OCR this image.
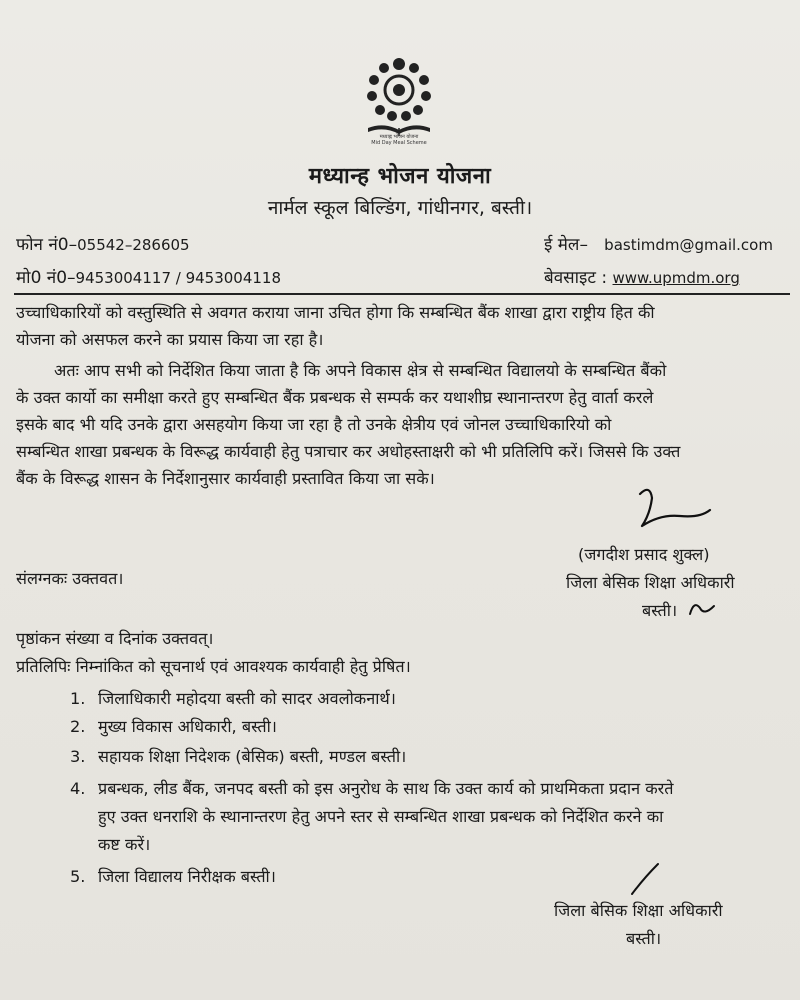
मध्याह्न भोजन योजना
Mid Day Meal Scheme
मध्यान्ह भोजन योजना
नार्मल स्कूल बिल्डिंग, गांधीनगर, बस्ती।
फोन नं0–05542–286605
मो0 नं0–9453004117 / 9453004118
ई मेल– bastimdm@gmail.com
बेवसाइट : www.upmdm.org
उच्चाधिकारियों को वस्तुस्थिति से अवगत कराया जाना उचित होगा कि सम्बन्धित बैंक शाखा द्वारा राष्ट्रीय हित की
योजना को असफल करने का प्रयास किया जा रहा है।
अतः आप सभी को निर्देशित किया जाता है कि अपने विकास क्षेत्र से सम्बन्धित विद्यालयो के सम्बन्धित बैंको
के उक्त कार्यो का समीक्षा करते हुए सम्बन्धित बैंक प्रबन्धक से सम्पर्क कर यथाशीघ्र स्थानान्तरण हेतु वार्ता करले
इसके बाद भी यदि उनके द्वारा असहयोग किया जा रहा है तो उनके क्षेत्रीय एवं जोनल उच्चाधिकारियो को
सम्बन्धित शाखा प्रबन्धक के विरूद्ध कार्यवाही हेतु पत्राचार कर अधोहस्ताक्षरी को भी प्रतिलिपि करें। जिससे कि उक्त
बैंक के विरूद्ध शासन के निर्देशानुसार कार्यवाही प्रस्तावित किया जा सके।
(जगदीश प्रसाद शुक्ल)
संलग्नकः उक्तवत।	जिला बेसिक शिक्षा अधिकारी
बस्ती।
पृष्ठांकन संख्या व दिनांक उक्तवत्।
प्रतिलिपिः निम्नांकित को सूचनार्थ एवं आवश्यक कार्यवाही हेतु प्रेषित।
1. जिलाधिकारी महोदया बस्ती को सादर अवलोकनार्थ।
2. मुख्य विकास अधिकारी, बस्ती।
3. सहायक शिक्षा निदेशक (बेसिक) बस्ती, मण्डल बस्ती।
4. प्रबन्धक, लीड बैंक, जनपद बस्ती को इस अनुरोध के साथ कि उक्त कार्य को प्राथमिकता प्रदान करते
हुए उक्त धनराशि के स्थानान्तरण हेतु अपने स्तर से सम्बन्धित शाखा प्रबन्धक को निर्देशित करने का
कष्ट करें।
5. जिला विद्यालय निरीक्षक बस्ती।
जिला बेसिक शिक्षा अधिकारी
बस्ती।
